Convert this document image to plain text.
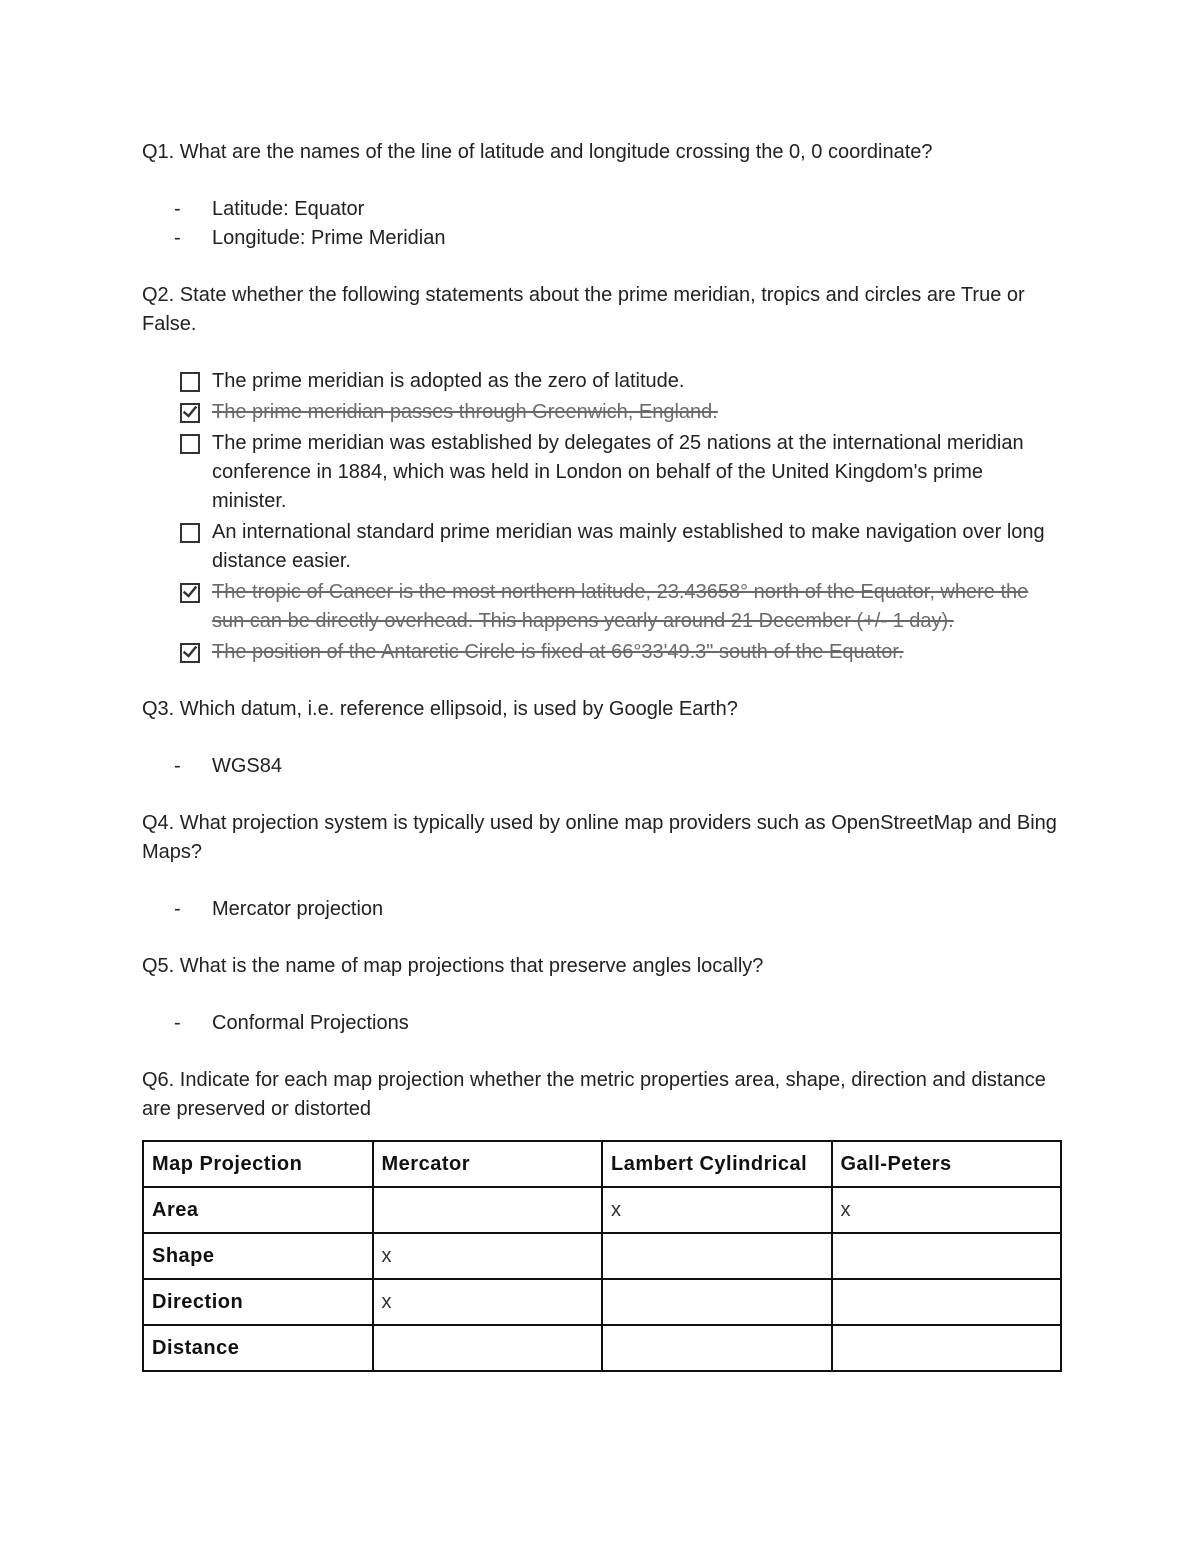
Q1. What are the names of the line of latitude and longitude crossing the 0, 0 coordinate?

- Latitude: Equator
- Longitude: Prime Meridian

Q2. State whether the following statements about the prime meridian, tropics and circles are True or False.

The prime meridian is adopted as the zero of latitude.
The prime meridian passes through Greenwich, England.
The prime meridian was established by delegates of 25 nations at the international meridian conference in 1884, which was held in London on behalf of the United Kingdom's prime minister.
An international standard prime meridian was mainly established to make navigation over long distance easier.
The tropic of Cancer is the most northern latitude, 23.43658° north of the Equator, where the sun can be directly overhead. This happens yearly around 21 December (+/- 1 day).
The position of the Antarctic Circle is fixed at 66°33'49.3" south of the Equator.

Q3. Which datum, i.e. reference ellipsoid, is used by Google Earth?

- WGS84

Q4. What projection system is typically used by online map providers such as OpenStreetMap and Bing Maps?

- Mercator projection

Q5. What is the name of map projections that preserve angles locally?

- Conformal Projections

Q6. Indicate for each map projection whether the metric properties area, shape, direction and distance are preserved or distorted

Map Projection	Mercator	Lambert Cylindrical	Gall-Peters
Area		x	x
Shape	x		
Direction	x		
Distance			
